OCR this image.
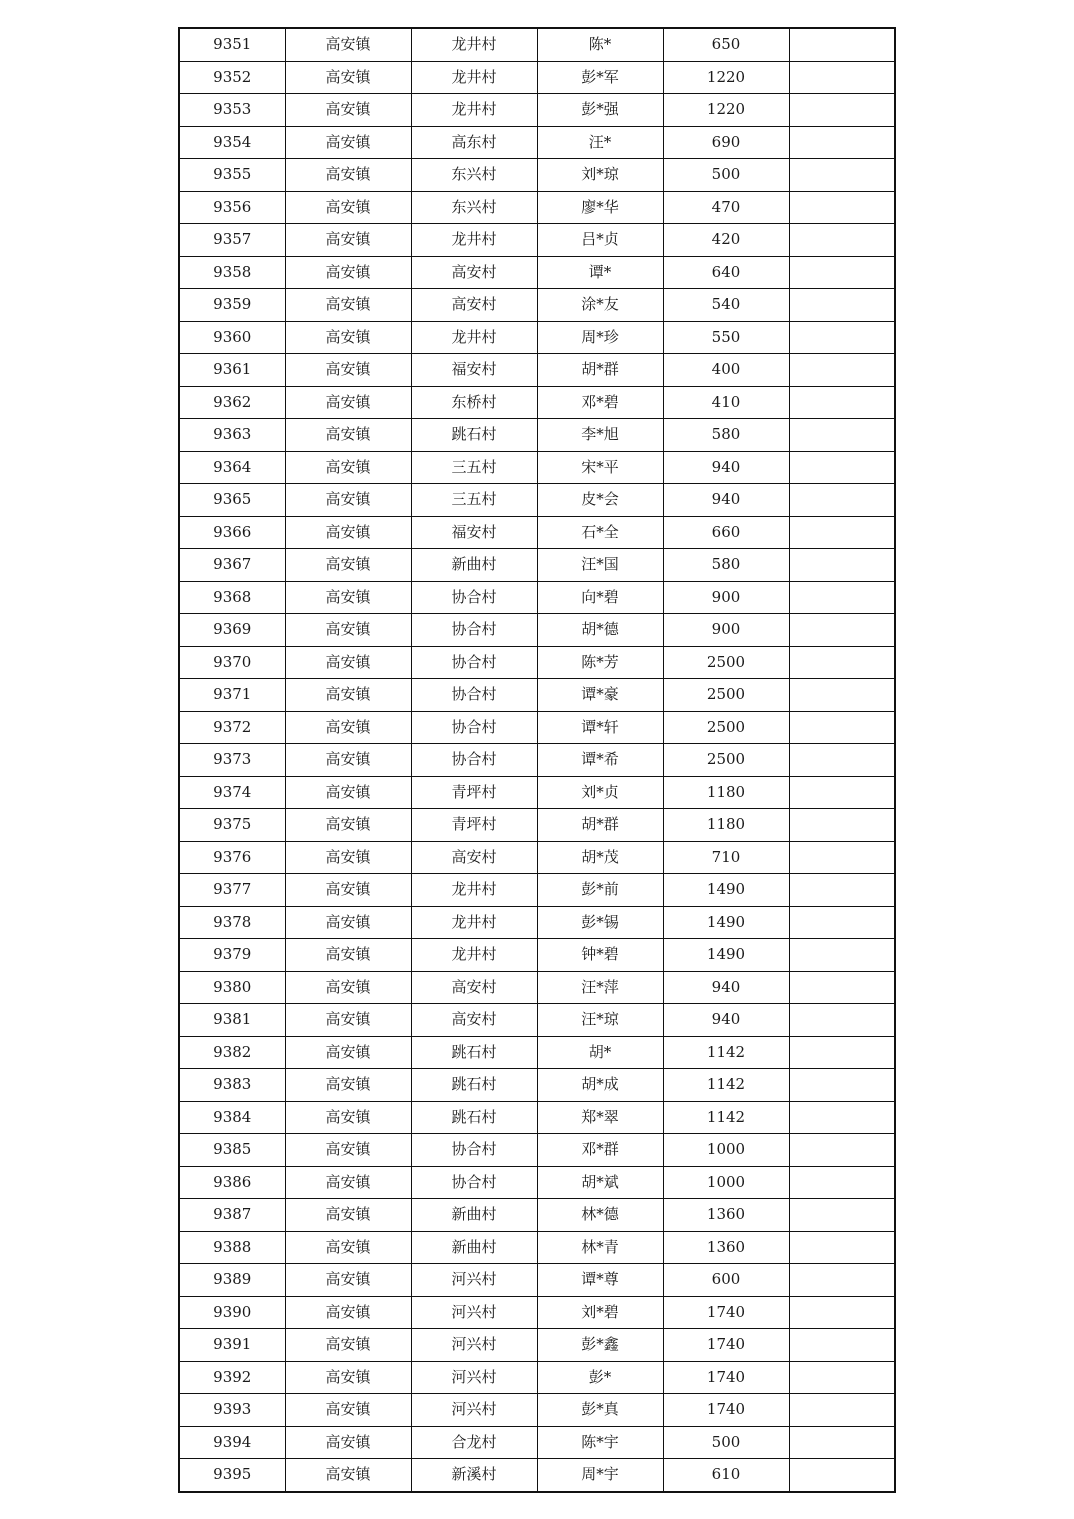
9351	高安镇	龙井村	陈*	650	
9352	高安镇	龙井村	彭*军	1220	
9353	高安镇	龙井村	彭*强	1220	
9354	高安镇	高东村	汪*	690	
9355	高安镇	东兴村	刘*琼	500	
9356	高安镇	东兴村	廖*华	470	
9357	高安镇	龙井村	吕*贞	420	
9358	高安镇	高安村	谭*	640	
9359	高安镇	高安村	涂*友	540	
9360	高安镇	龙井村	周*珍	550	
9361	高安镇	福安村	胡*群	400	
9362	高安镇	东桥村	邓*碧	410	
9363	高安镇	跳石村	李*旭	580	
9364	高安镇	三五村	宋*平	940	
9365	高安镇	三五村	皮*会	940	
9366	高安镇	福安村	石*全	660	
9367	高安镇	新曲村	汪*国	580	
9368	高安镇	协合村	向*碧	900	
9369	高安镇	协合村	胡*德	900	
9370	高安镇	协合村	陈*芳	2500	
9371	高安镇	协合村	谭*豪	2500	
9372	高安镇	协合村	谭*轩	2500	
9373	高安镇	协合村	谭*希	2500	
9374	高安镇	青坪村	刘*贞	1180	
9375	高安镇	青坪村	胡*群	1180	
9376	高安镇	高安村	胡*茂	710	
9377	高安镇	龙井村	彭*前	1490	
9378	高安镇	龙井村	彭*锡	1490	
9379	高安镇	龙井村	钟*碧	1490	
9380	高安镇	高安村	汪*萍	940	
9381	高安镇	高安村	汪*琼	940	
9382	高安镇	跳石村	胡*	1142	
9383	高安镇	跳石村	胡*成	1142	
9384	高安镇	跳石村	郑*翠	1142	
9385	高安镇	协合村	邓*群	1000	
9386	高安镇	协合村	胡*斌	1000	
9387	高安镇	新曲村	林*德	1360	
9388	高安镇	新曲村	林*青	1360	
9389	高安镇	河兴村	谭*尊	600	
9390	高安镇	河兴村	刘*碧	1740	
9391	高安镇	河兴村	彭*鑫	1740	
9392	高安镇	河兴村	彭*	1740	
9393	高安镇	河兴村	彭*真	1740	
9394	高安镇	合龙村	陈*宇	500	
9395	高安镇	新溪村	周*宇	610	
